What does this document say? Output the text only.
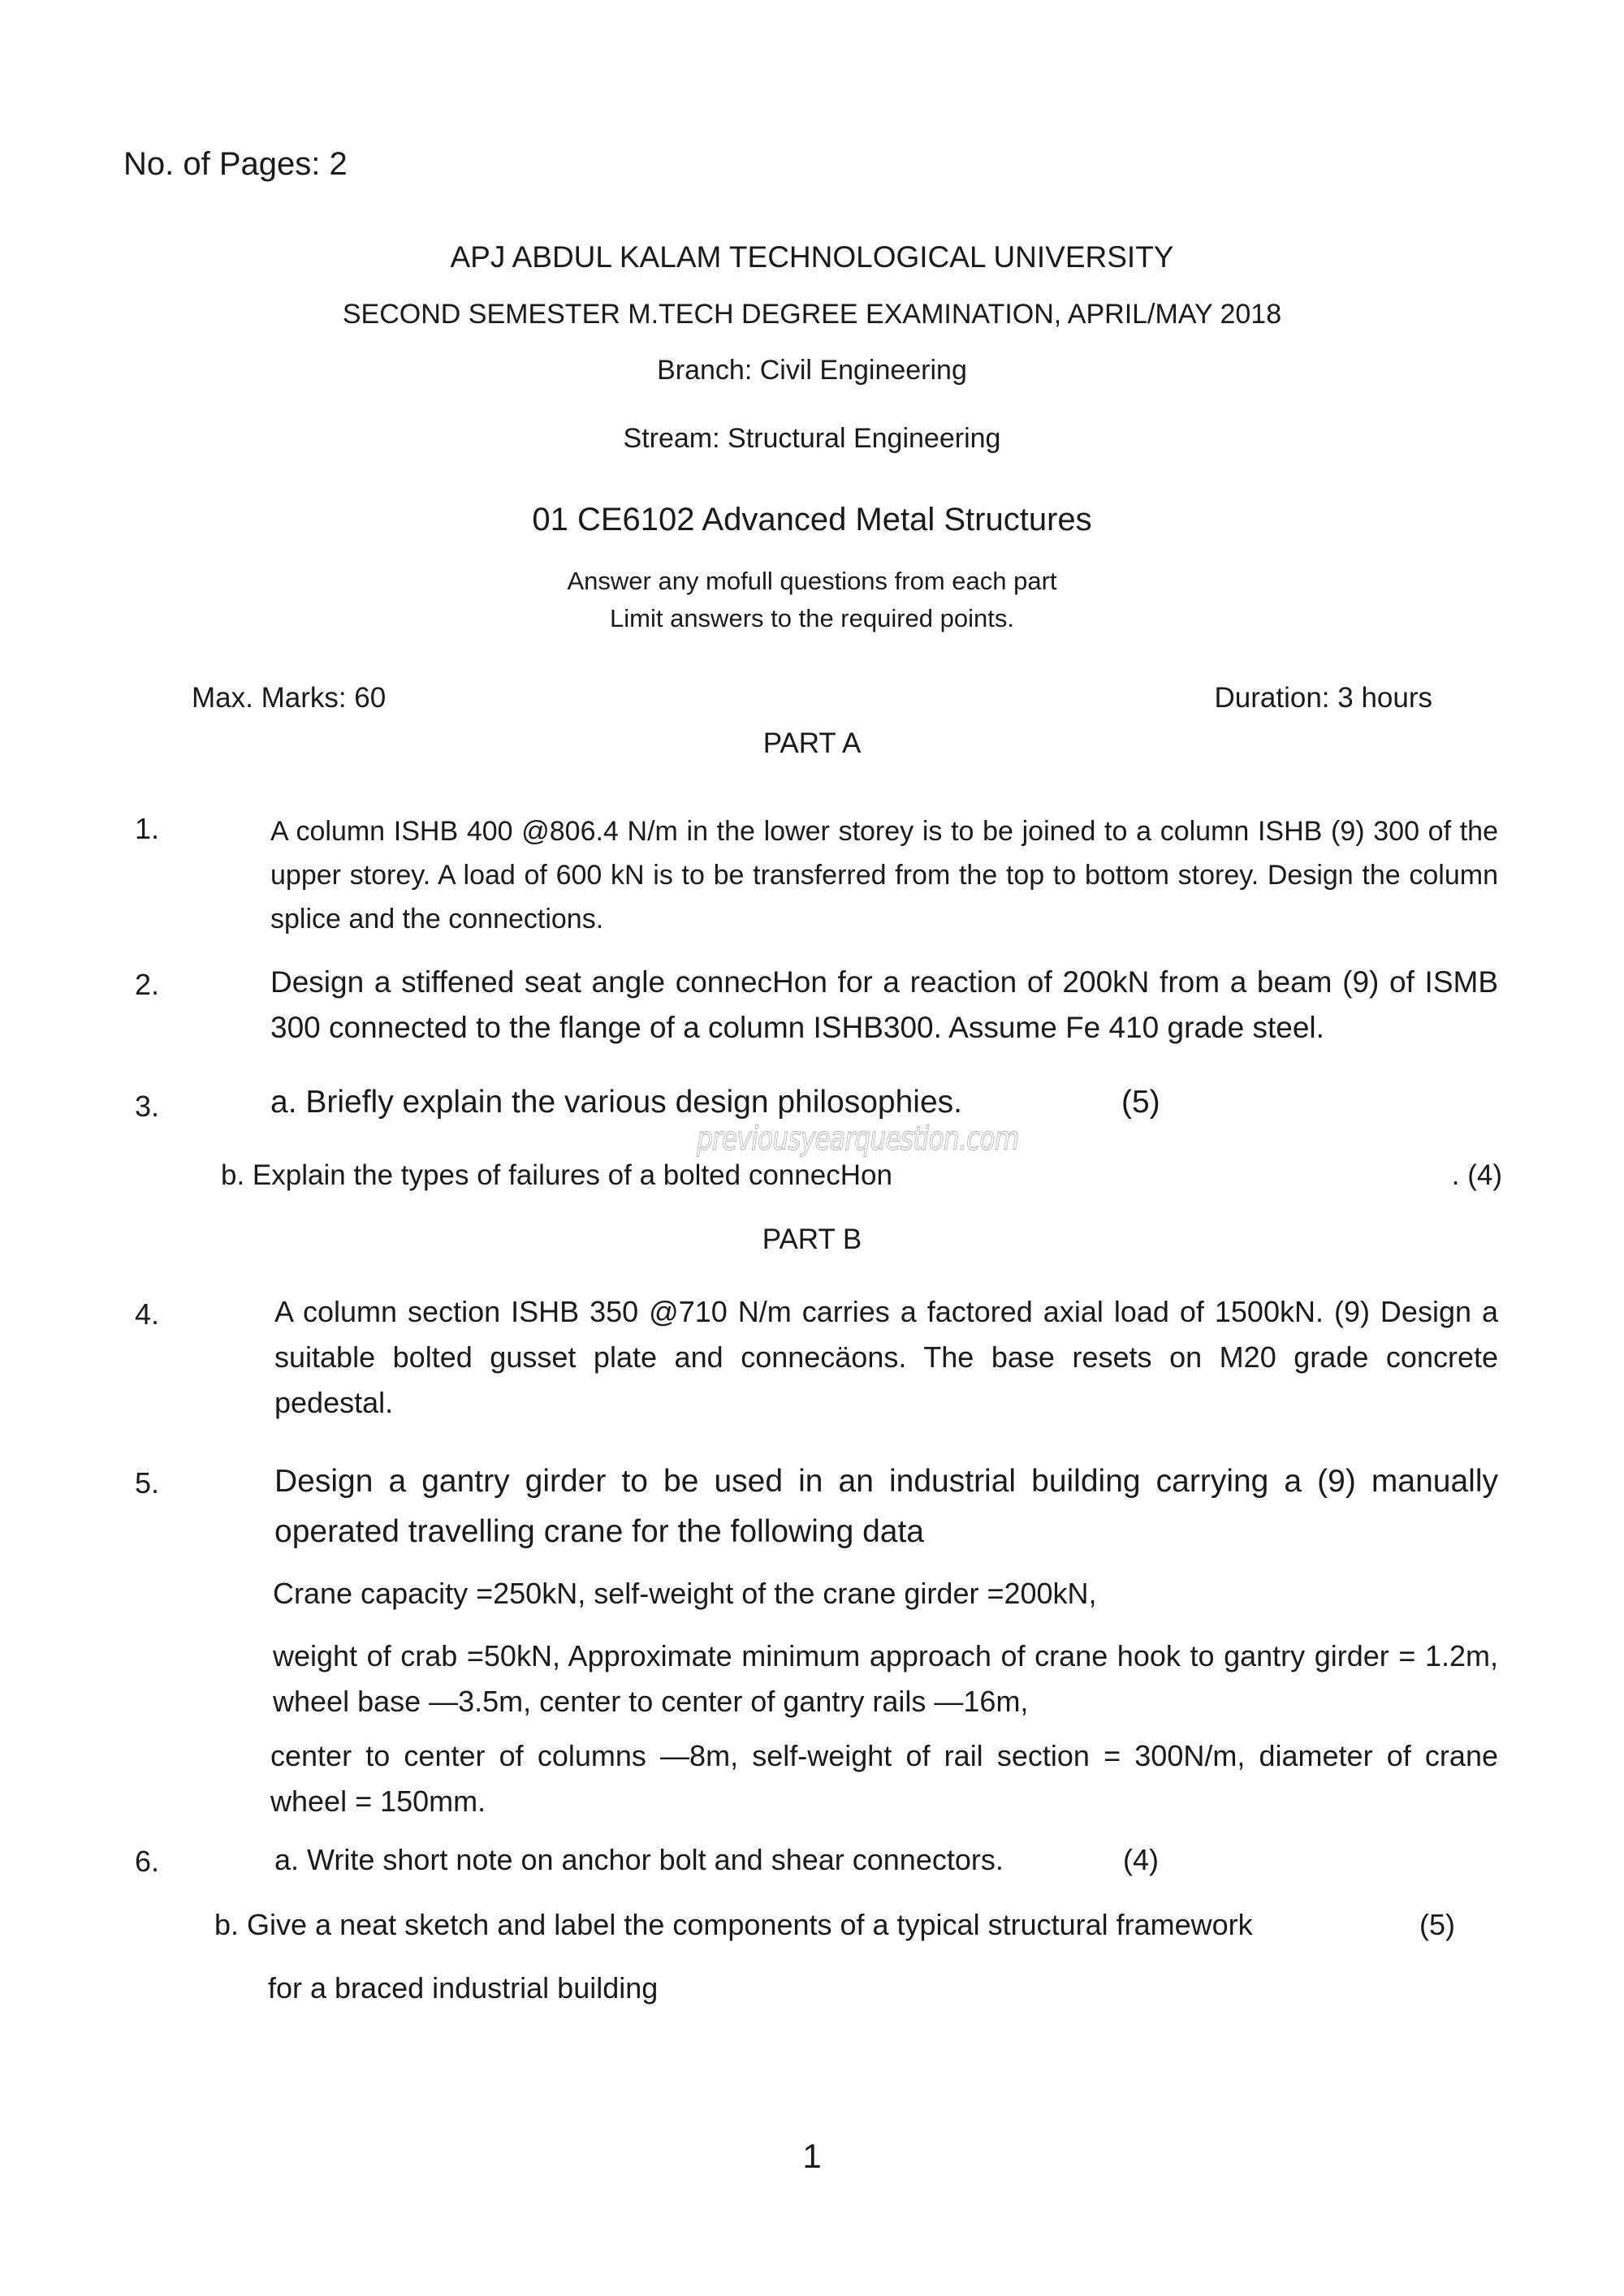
No. of Pages: 2
APJ ABDUL KALAM TECHNOLOGICAL UNIVERSITY
SECOND SEMESTER M.TECH DEGREE EXAMINATION, APRIL/MAY 2018
Branch: Civil Engineering
Stream: Structural Engineering
01 CE6102 Advanced Metal Structures
Answer any mofull questions from each part
Limit answers to the required points.
Max. Marks: 60	Duration: 3 hours
PART A
1.	A column ISHB 400 @806.4 N/m in the lower storey is to be joined to a column ISHB (9) 300 of the upper storey. A load of 600 kN is to be transferred from the top to bottom storey. Design the column splice and the connections.
2.	Design a stiffened seat angle connecHon for a reaction of 200kN from a beam (9) of ISMB 300 connected to the flange of a column ISHB300. Assume Fe 410 grade steel.
3.	a. Briefly explain the various design philosophies.	(5)
previousyearquestion.com
b. Explain the types of failures of a bolted connecHon	. (4)
PART B
4.	A column section ISHB 350 @710 N/m carries a factored axial load of 1500kN. (9) Design a suitable bolted gusset plate and connecäons. The base resets on M20 grade concrete pedestal.
5.	Design a gantry girder to be used in an industrial building carrying a (9) manually operated travelling crane for the following data
Crane capacity =250kN, self-weight of the crane girder =200kN,
weight of crab =50kN, Approximate minimum approach of crane hook to gantry girder = 1.2m, wheel base —3.5m, center to center of gantry rails —16m,
center to center of columns —8m, self-weight of rail section = 300N/m, diameter of crane wheel = 150mm.
6.	a. Write short note on anchor bolt and shear connectors.	(4)
b. Give a neat sketch and label the components of a typical structural framework	(5)
for a braced industrial building
1
